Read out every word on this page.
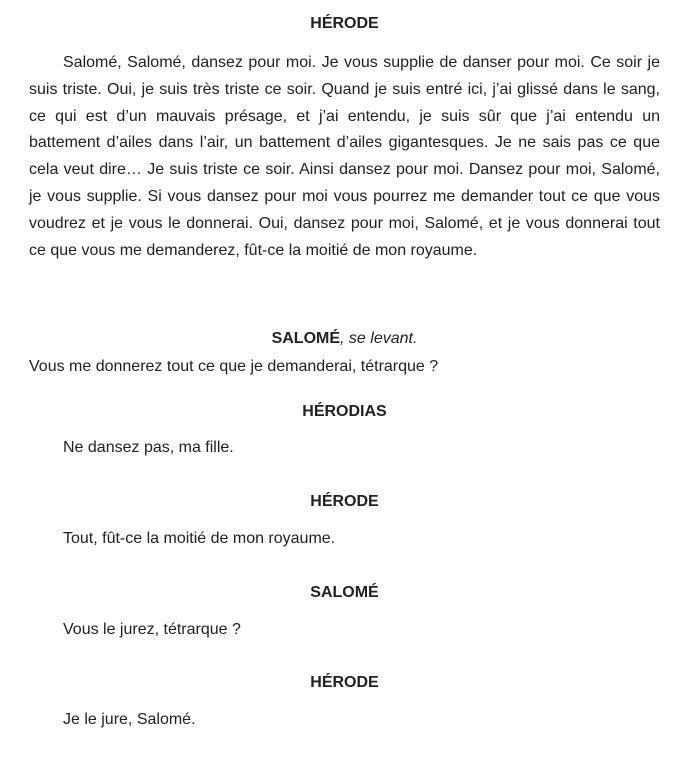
HÉRODE
Salomé, Salomé, dansez pour moi. Je vous supplie de danser pour moi. Ce soir je suis triste. Oui, je suis très triste ce soir. Quand je suis entré ici, j’ai glissé dans le sang, ce qui est d’un mauvais présage, et j’ai entendu, je suis sûr que j’ai entendu un battement d’ailes dans l’air, un battement d’ailes gigantesques. Je ne sais pas ce que cela veut dire… Je suis triste ce soir. Ainsi dansez pour moi. Dansez pour moi, Salomé, je vous supplie. Si vous dansez pour moi vous pourrez me demander tout ce que vous voudrez et je vous le donnerai. Oui, dansez pour moi, Salomé, et je vous donnerai tout ce que vous me demanderez, fût-ce la moitié de mon royaume.
SALOMÉ, se levant.
Vous me donnerez tout ce que je demanderai, tétrarque ?
HÉRODIAS
Ne dansez pas, ma fille.
HÉRODE
Tout, fût-ce la moitié de mon royaume.
SALOMÉ
Vous le jurez, tétrarque ?
HÉRODE
Je le jure, Salomé.
